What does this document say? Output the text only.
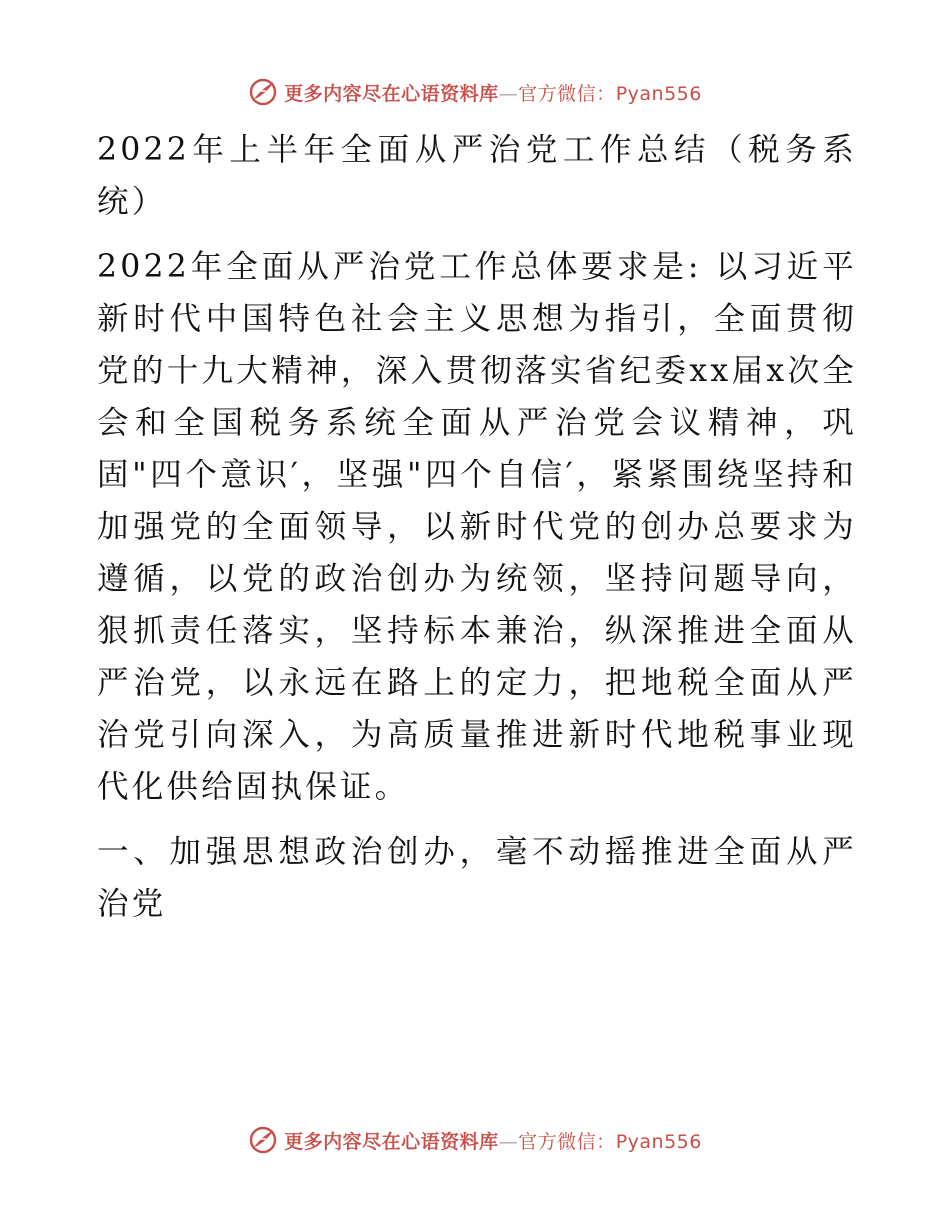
更多内容尽在心语资料库—官方微信：Pyan556

2022年上半年全面从严治党工作总结（税务系统）

2022年全面从严治党工作总体要求是: 以习近平新时代中国特色社会主义思想为指引，全面贯彻党的十九大精神，深入贯彻落实省纪委xx届x次全会和全国税务系统全面从严治党会议精神，巩固"四个意识′，坚强"四个自信′，紧紧围绕坚持和加强党的全面领导，以新时代党的创办总要求为遵循，以党的政治创办为统领，坚持问题导向，狠抓责任落实，坚持标本兼治，纵深推进全面从严治党，以永远在路上的定力，把地税全面从严治党引向深入，为高质量推进新时代地税事业现代化供给固执保证。

一、加强思想政治创办，毫不动摇推进全面从严治党

更多内容尽在心语资料库—官方微信：Pyan556
